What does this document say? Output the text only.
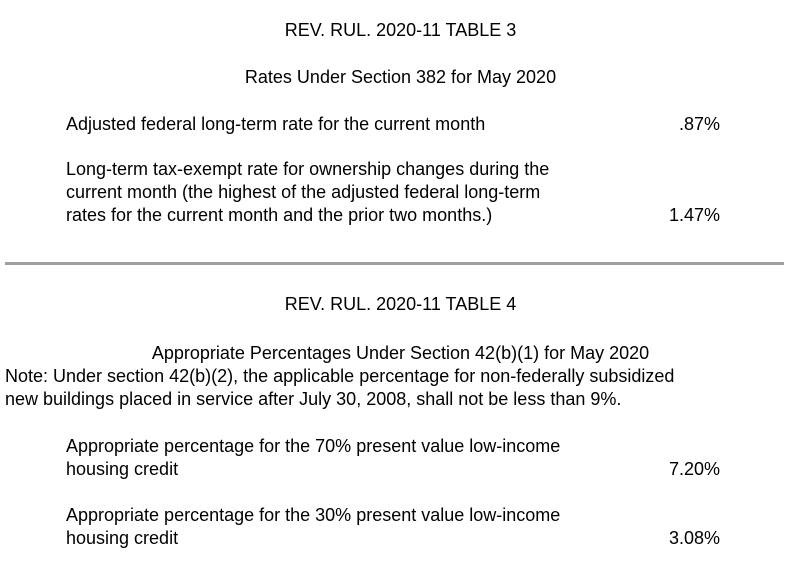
REV. RUL. 2020-11 TABLE 3
Rates Under Section 382 for May 2020
Adjusted federal long-term rate for the current month	.87%
Long-term tax-exempt rate for ownership changes during the
current month (the highest of the adjusted federal long-term
rates for the current month and the prior two months.)	1.47%
REV. RUL. 2020-11 TABLE 4
Appropriate Percentages Under Section 42(b)(1) for May 2020
Note: Under section 42(b)(2), the applicable percentage for non-federally subsidized
new buildings placed in service after July 30, 2008, shall not be less than 9%.
Appropriate percentage for the 70% present value low-income
housing credit	7.20%
Appropriate percentage for the 30% present value low-income
housing credit	3.08%
